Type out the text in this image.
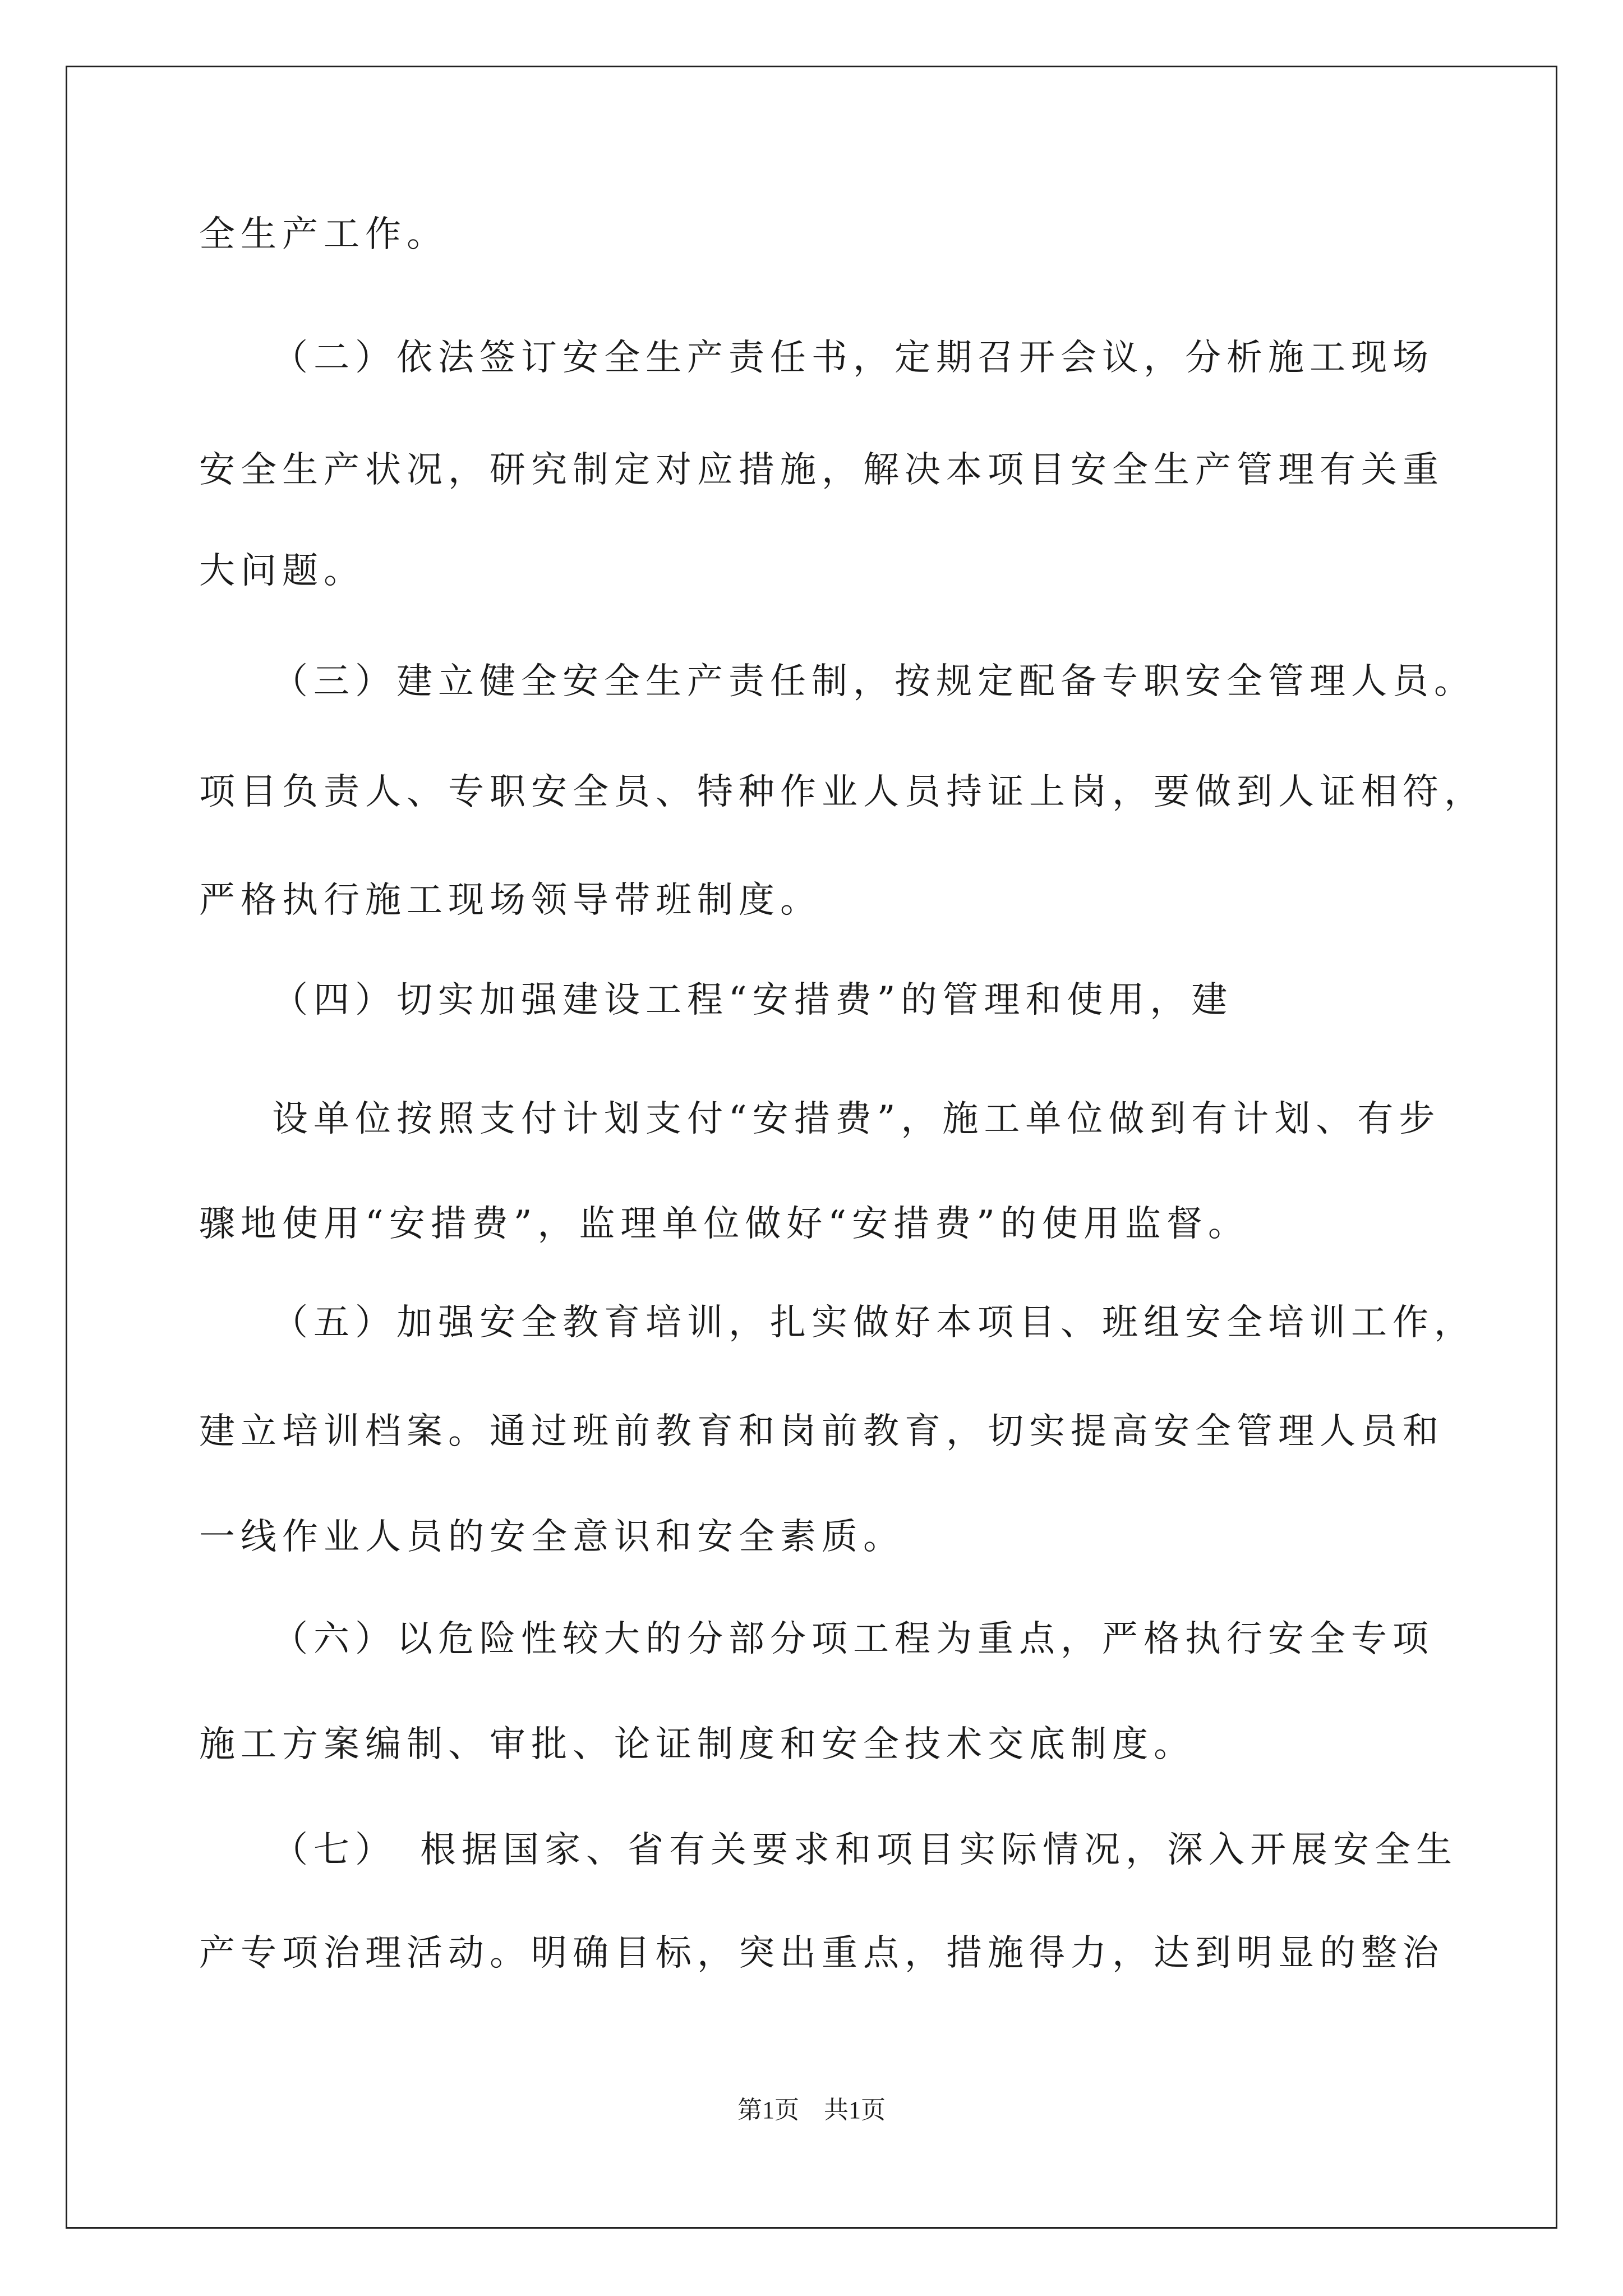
全生产工作。
（二）依法签订安全生产责任书，定期召开会议，分析施工现场
安全生产状况，研究制定对应措施，解决本项目安全生产管理有关重
大问题。
（三）建立健全安全生产责任制，按规定配备专职安全管理人员。
项目负责人、专职安全员、特种作业人员持证上岗，要做到人证相符，
严格执行施工现场领导带班制度。
（四）切实加强建设工程“安措费”的管理和使用，建
设单位按照支付计划支付“安措费”，施工单位做到有计划、有步
骤地使用“安措费”，监理单位做好“安措费”的使用监督。
（五）加强安全教育培训，扎实做好本项目、班组安全培训工作，
建立培训档案。通过班前教育和岗前教育，切实提高安全管理人员和
一线作业人员的安全意识和安全素质。
（六）以危险性较大的分部分项工程为重点，严格执行安全专项
施工方案编制、审批、论证制度和安全技术交底制度。
（七）　根据国家、省有关要求和项目实际情况，深入开展安全生
产专项治理活动。明确目标，突出重点，措施得力，达到明显的整治
第1页　共1页
